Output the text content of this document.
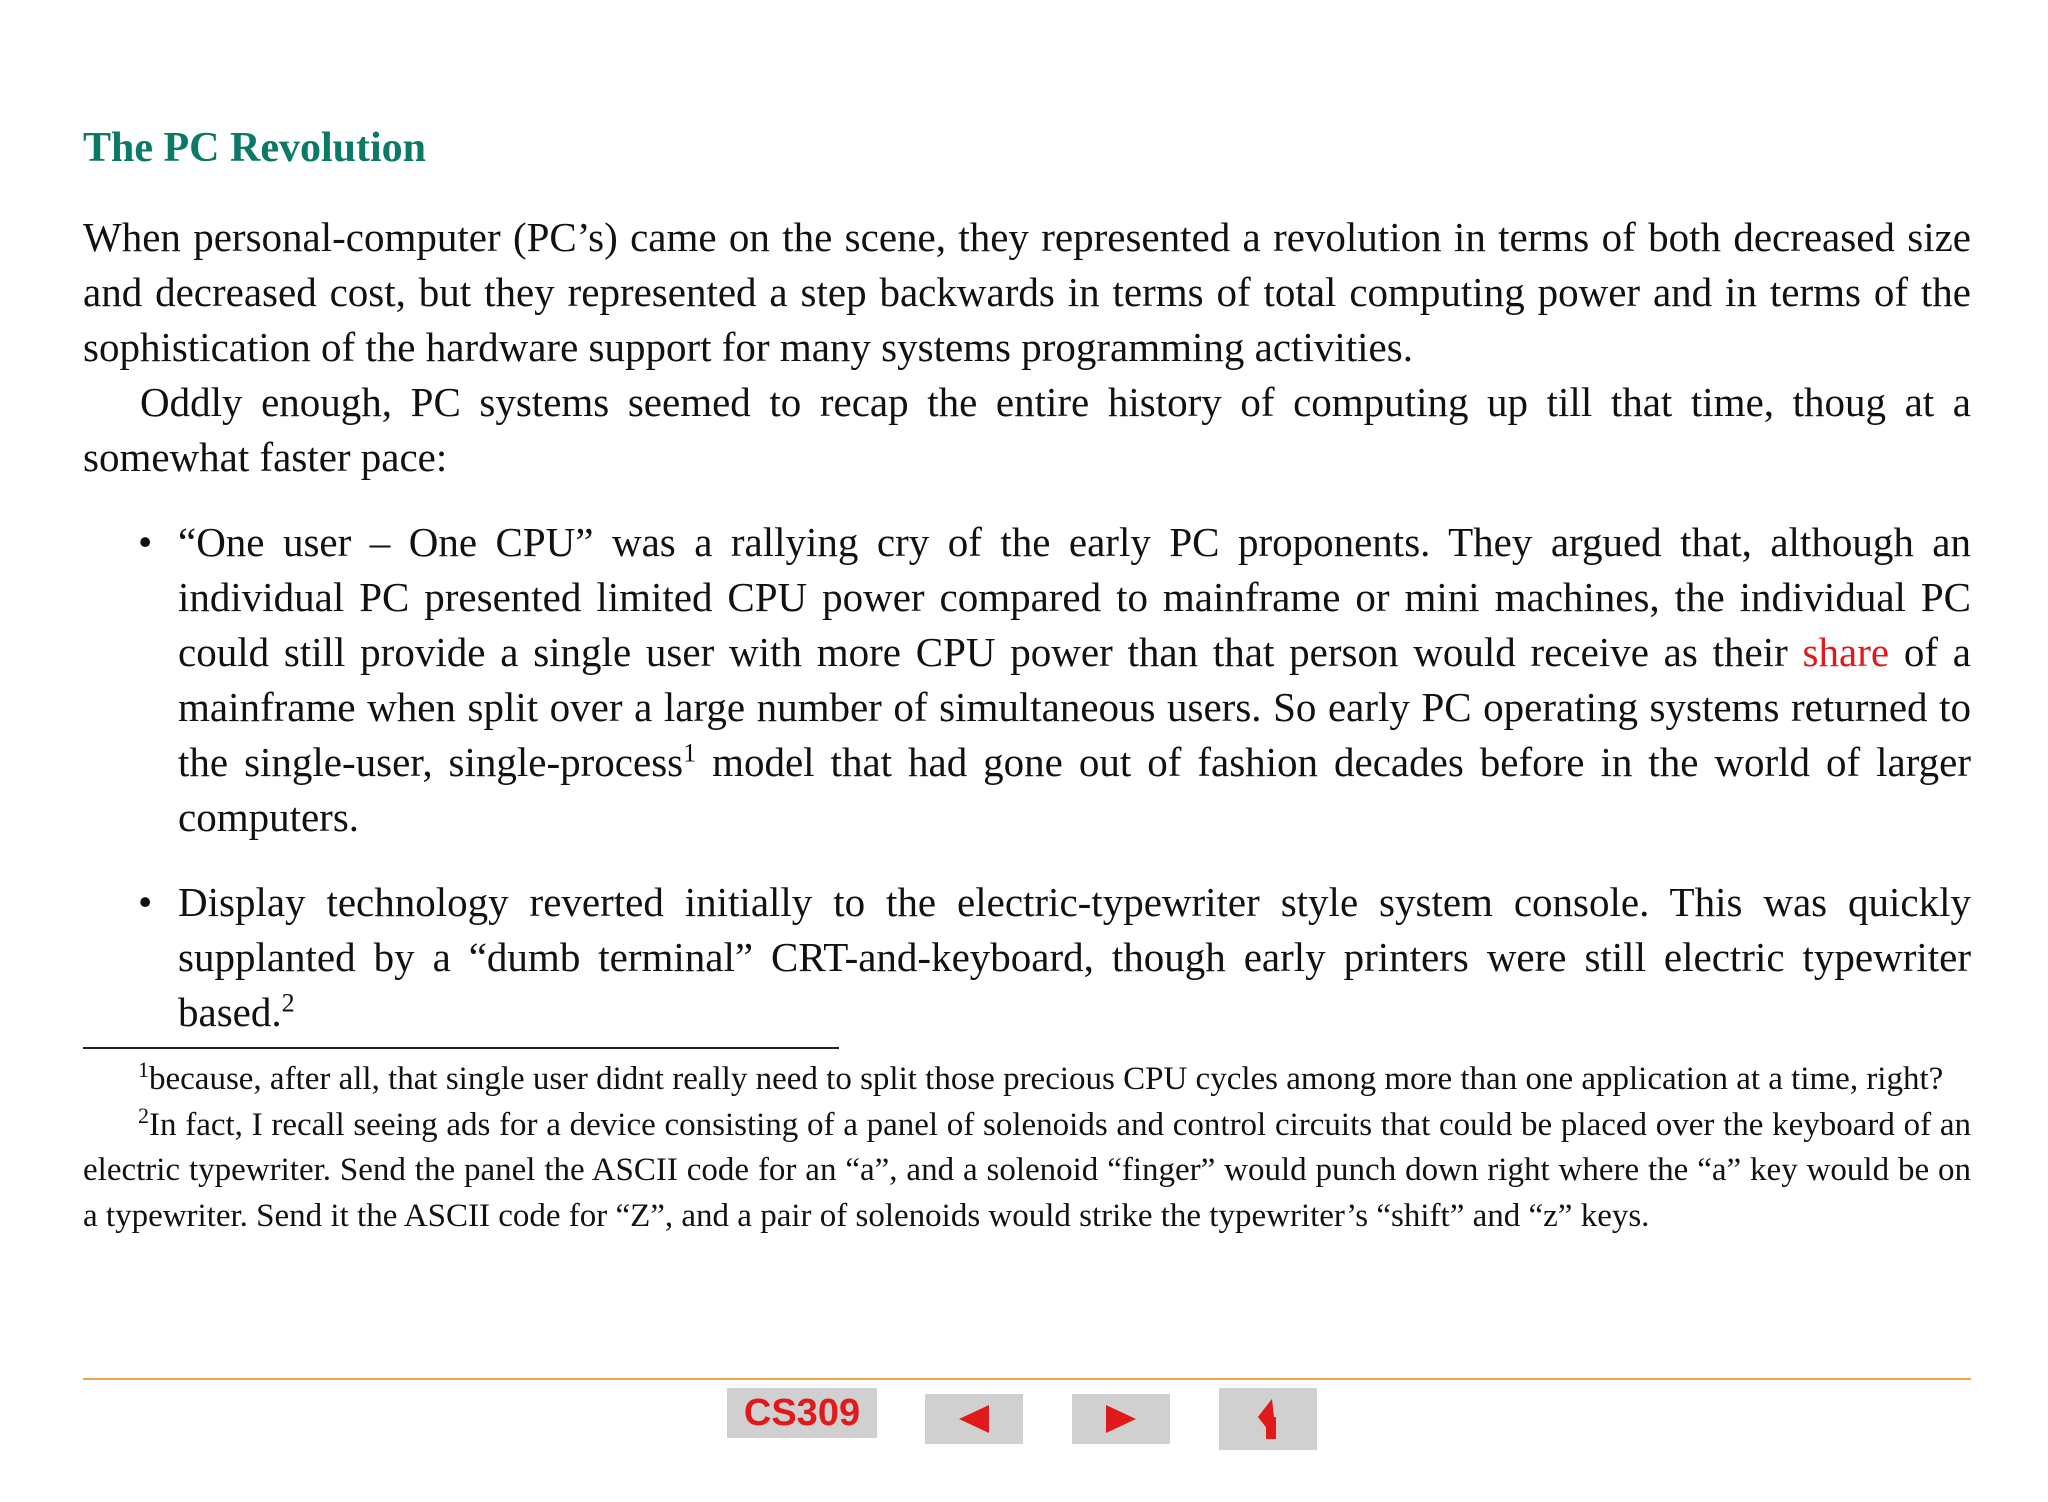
The PC Revolution
When personal-computer (PC’s) came on the scene, they represented a revolution in terms of both decreased size and decreased cost, but they represented a step backwards in terms of total computing power and in terms of the sophistication of the hardware support for many systems programming activities.
Oddly enough, PC systems seemed to recap the entire history of computing up till that time, thoug at a somewhat faster pace:
• “One user – One CPU” was a rallying cry of the early PC proponents. They argued that, although an individual PC presented limited CPU power compared to mainframe or mini machines, the individual PC could still provide a single user with more CPU power than that person would receive as their share of a mainframe when split over a large number of simultaneous users. So early PC operating systems returned to the single-user, single-process$^1$ model that had gone out of fashion decades before in the world of larger computers.
• Display technology reverted initially to the electric-typewriter style system console. This was quickly supplanted by a “dumb terminal” CRT-and-keyboard, though early printers were still electric typewriter based.$^2$
$^1$because, after all, that single user didnt really need to split those precious CPU cycles among more than one application at a time, right?
$^2$In fact, I recall seeing ads for a device consisting of a panel of solenoids and control circuits that could be placed over the keyboard of an electric typewriter. Send the panel the ASCII code for an “a”, and a solenoid “finger” would punch down right where the “a” key would be on a typewriter. Send it the ASCII code for “Z”, and a pair of solenoids would strike the typewriter’s “shift” and “z” keys.
CS309
